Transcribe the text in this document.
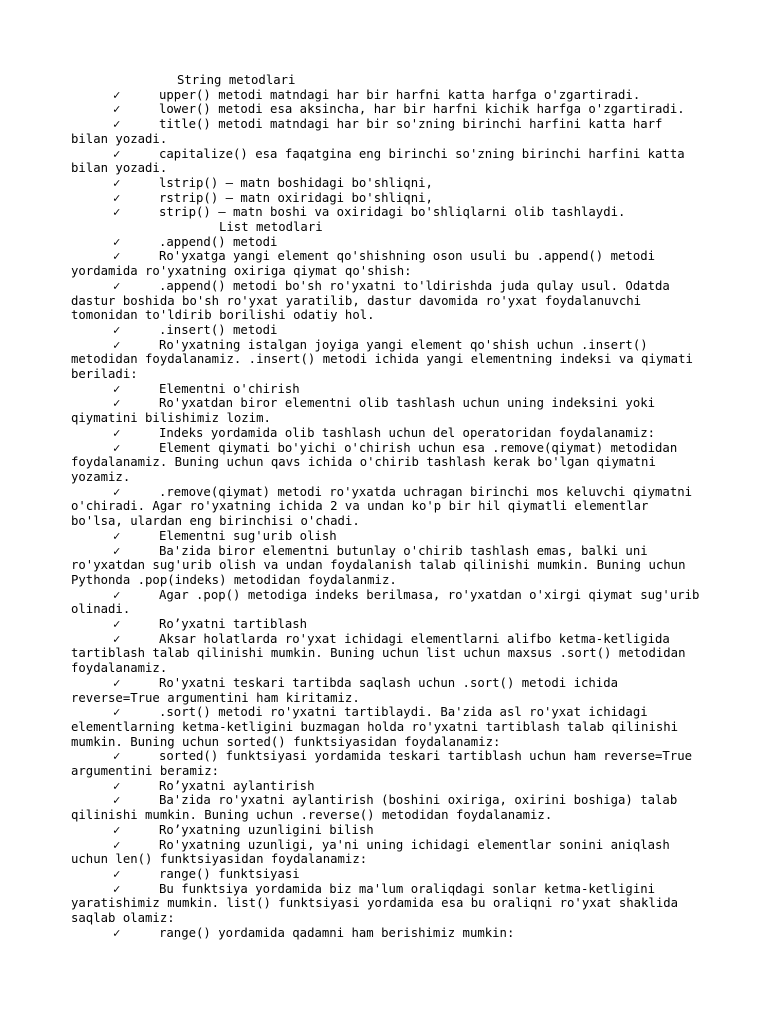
String metodlari
✓	upper() metodi matndagi har bir harfni katta harfga o'zgartiradi.
✓	lower() metodi esa aksincha, har bir harfni kichik harfga o'zgartiradi.
✓	title() metodi matndagi har bir so'zning birinchi harfini katta harf bilan yozadi.
✓	capitalize() esa faqatgina eng birinchi so'zning birinchi harfini katta bilan yozadi.
✓	lstrip() — matn boshidagi bo'shliqni,
✓	rstrip() – matn oxiridagi bo'shliqni,
✓	strip() — matn boshi va oxiridagi bo'shliqlarni olib tashlaydi.
List metodlari
✓	.append() metodi
✓	Ro'yxatga yangi element qo'shishning oson usuli bu .append() metodi yordamida ro'yxatning oxiriga qiymat qo'shish:
✓	.append() metodi bo'sh ro'yxatni to'ldirishda juda qulay usul. Odatda dastur boshida bo'sh ro'yxat yaratilib, dastur davomida ro'yxat foydalanuvchi tomonidan to'ldirib borilishi odatiy hol.
✓	.insert() metodi
✓	Ro'yxatning istalgan joyiga yangi element qo'shish uchun .insert() metodidan foydalanamiz. .insert() metodi ichida yangi elementning indeksi va qiymati beriladi:
✓	Elementni o'chirish
✓	Ro'yxatdan biror elementni olib tashlash uchun uning indeksini yoki qiymatini bilishimiz lozim.
✓	Indeks yordamida olib tashlash uchun del operatoridan foydalanamiz:
✓	Element qiymati bo'yichi o'chirish uchun esa .remove(qiymat) metodidan foydalanamiz. Buning uchun qavs ichida o'chirib tashlash kerak bo'lgan qiymatni yozamiz.
✓	.remove(qiymat) metodi ro'yxatda uchragan birinchi mos keluvchi qiymatni o'chiradi. Agar ro'yxatning ichida 2 va undan ko'p bir hil qiymatli elementlar bo'lsa, ulardan eng birinchisi o'chadi.
✓	Elementni sug'urib olish
✓	Ba'zida biror elementni butunlay o'chirib tashlash emas, balki uni ro'yxatdan sug'urib olish va undan foydalanish talab qilinishi mumkin. Buning uchun Pythonda .pop(indeks) metodidan foydalanmiz.
✓	Agar .pop() metodiga indeks berilmasa, ro'yxatdan o'xirgi qiymat sug'urib olinadi.
✓	Ro’yxatni tartiblash
✓	Aksar holatlarda ro'yxat ichidagi elementlarni alifbo ketma-ketligida tartiblash talab qilinishi mumkin. Buning uchun list uchun maxsus .sort() metodidan foydalanamiz.
✓	Ro'yxatni teskari tartibda saqlash uchun .sort() metodi ichida reverse=True argumentini ham kiritamiz.
✓	.sort() metodi ro'yxatni tartiblaydi. Ba'zida asl ro'yxat ichidagi elementlarning ketma-ketligini buzmagan holda ro'yxatni tartiblash talab qilinishi mumkin. Buning uchun sorted() funktsiyasidan foydalanamiz:
✓	sorted() funktsiyasi yordamida teskari tartiblash uchun ham reverse=True argumentini beramiz:
✓	Ro’yxatni aylantirish
✓	Ba'zida ro'yxatni aylantirish (boshini oxiriga, oxirini boshiga) talab qilinishi mumkin. Buning uchun .reverse() metodidan foydalanamiz.
✓	Ro’yxatning uzunligini bilish
✓	Ro'yxatning uzunligi, ya'ni uning ichidagi elementlar sonini aniqlash uchun len() funktsiyasidan foydalanamiz:
✓	range() funktsiyasi
✓	Bu funktsiya yordamida biz ma'lum oraliqdagi sonlar ketma-ketligini yaratishimiz mumkin. list() funktsiyasi yordamida esa bu oraliqni ro'yxat shaklida saqlab olamiz:
✓	range() yordamida qadamni ham berishimiz mumkin:
